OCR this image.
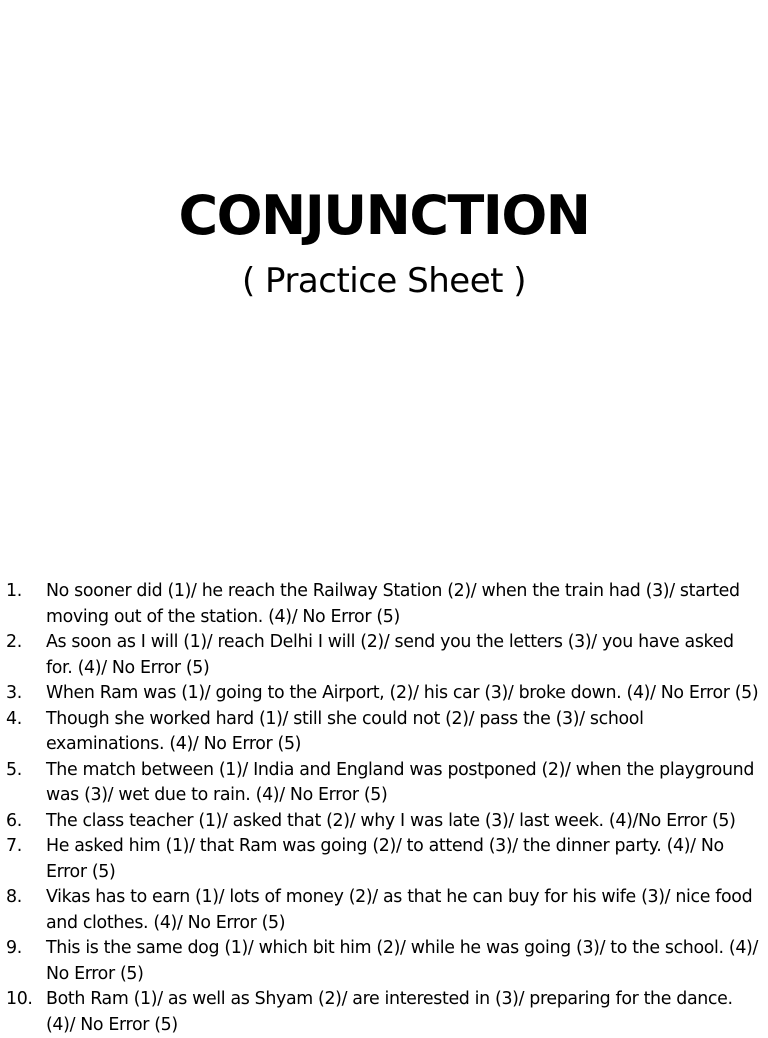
CONJUNCTION

( Practice Sheet )

1.	No sooner did (1)/ he reach the Railway Station (2)/ when the train had (3)/ started moving out of the station. (4)/ No Error (5)
2.	As soon as I will (1)/ reach Delhi I will (2)/ send you the letters (3)/ you have asked for. (4)/ No Error (5)
3.	When Ram was (1)/ going to the Airport, (2)/ his car (3)/ broke down. (4)/ No Error (5)
4.	Though she worked hard (1)/ still she could not (2)/ pass the (3)/ school examinations. (4)/ No Error (5)
5.	The match between (1)/ India and England was postponed (2)/ when the playground was (3)/ wet due to rain. (4)/ No Error (5)
6.	The class teacher (1)/ asked that (2)/ why I was late (3)/ last week. (4)/No Error (5)
7.	He asked him (1)/ that Ram was going (2)/ to attend (3)/ the dinner party. (4)/ No Error (5)
8.	Vikas has to earn (1)/ lots of money (2)/ as that he can buy for his wife (3)/ nice food and clothes. (4)/ No Error (5)
9.	This is the same dog (1)/ which bit him (2)/ while he was going (3)/ to the school. (4)/ No Error (5)
10. Both Ram (1)/ as well as Shyam (2)/ are interested in (3)/ preparing for the dance. (4)/ No Error (5)
